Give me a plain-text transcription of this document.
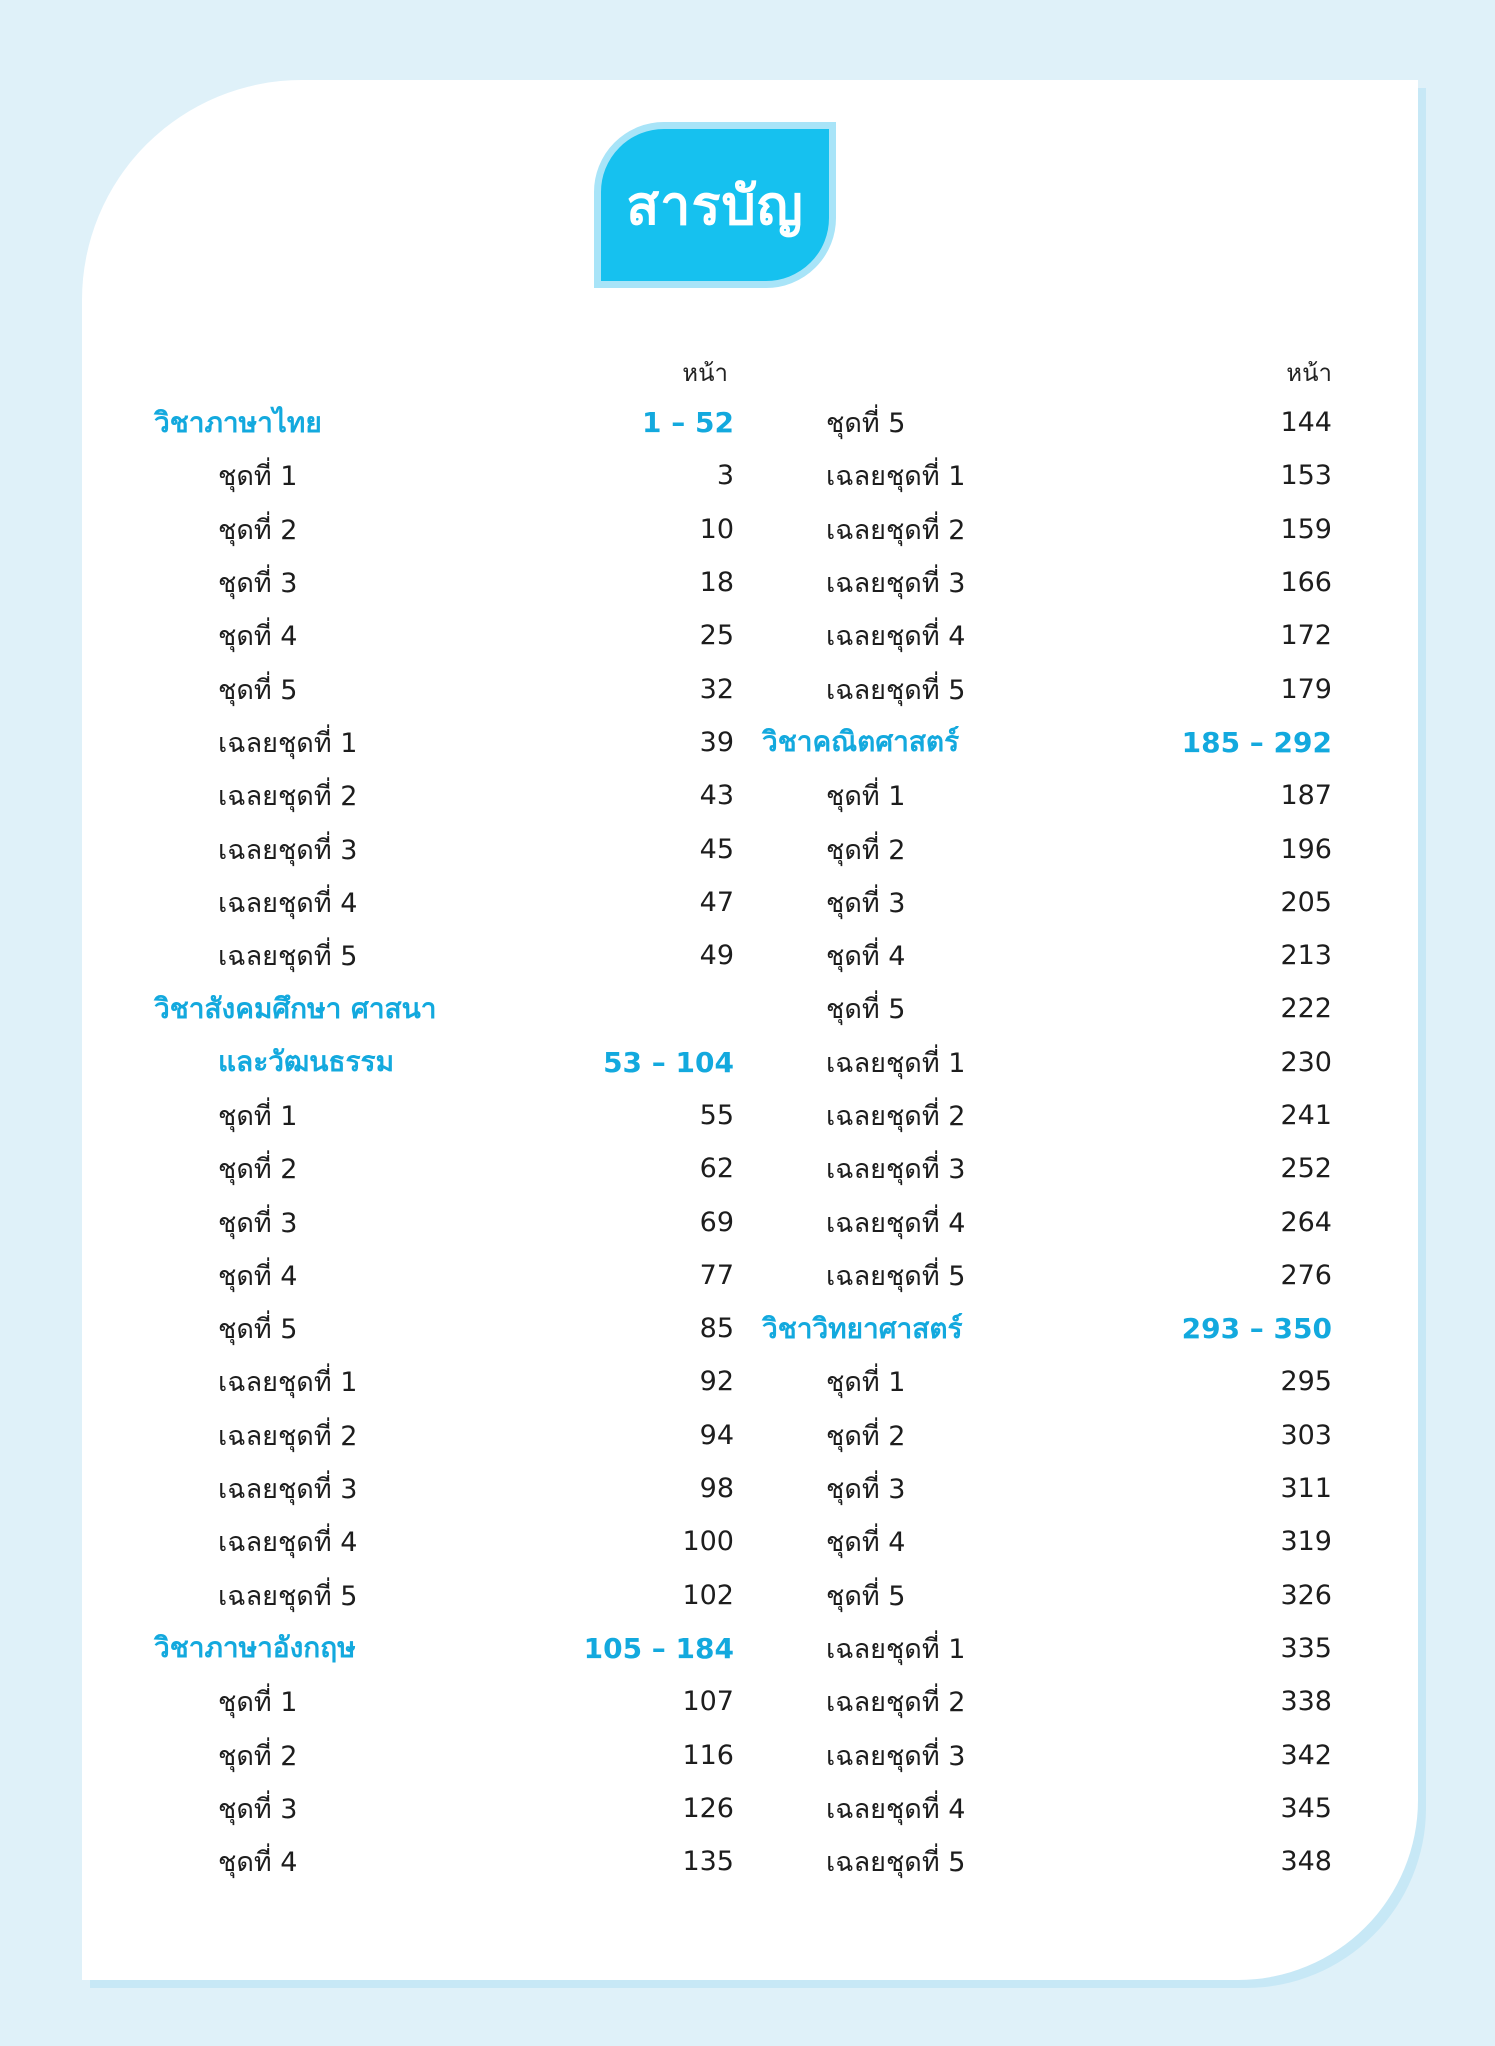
สารบัญ
หน้า
วิชาภาษาไทย	1 – 52
ชุดที่ 1	3
ชุดที่ 2	10
ชุดที่ 3	18
ชุดที่ 4	25
ชุดที่ 5	32
เฉลยชุดที่ 1	39
เฉลยชุดที่ 2	43
เฉลยชุดที่ 3	45
เฉลยชุดที่ 4	47
เฉลยชุดที่ 5	49
วิชาสังคมศึกษา ศาสนา
และวัฒนธรรม	53 – 104
ชุดที่ 1	55
ชุดที่ 2	62
ชุดที่ 3	69
ชุดที่ 4	77
ชุดที่ 5	85
เฉลยชุดที่ 1	92
เฉลยชุดที่ 2	94
เฉลยชุดที่ 3	98
เฉลยชุดที่ 4	100
เฉลยชุดที่ 5	102
วิชาภาษาอังกฤษ	105 – 184
ชุดที่ 1	107
ชุดที่ 2	116
ชุดที่ 3	126
ชุดที่ 4	135
หน้า
ชุดที่ 5	144
เฉลยชุดที่ 1	153
เฉลยชุดที่ 2	159
เฉลยชุดที่ 3	166
เฉลยชุดที่ 4	172
เฉลยชุดที่ 5	179
วิชาคณิตศาสตร์	185 – 292
ชุดที่ 1	187
ชุดที่ 2	196
ชุดที่ 3	205
ชุดที่ 4	213
ชุดที่ 5	222
เฉลยชุดที่ 1	230
เฉลยชุดที่ 2	241
เฉลยชุดที่ 3	252
เฉลยชุดที่ 4	264
เฉลยชุดที่ 5	276
วิชาวิทยาศาสตร์	293 – 350
ชุดที่ 1	295
ชุดที่ 2	303
ชุดที่ 3	311
ชุดที่ 4	319
ชุดที่ 5	326
เฉลยชุดที่ 1	335
เฉลยชุดที่ 2	338
เฉลยชุดที่ 3	342
เฉลยชุดที่ 4	345
เฉลยชุดที่ 5	348
